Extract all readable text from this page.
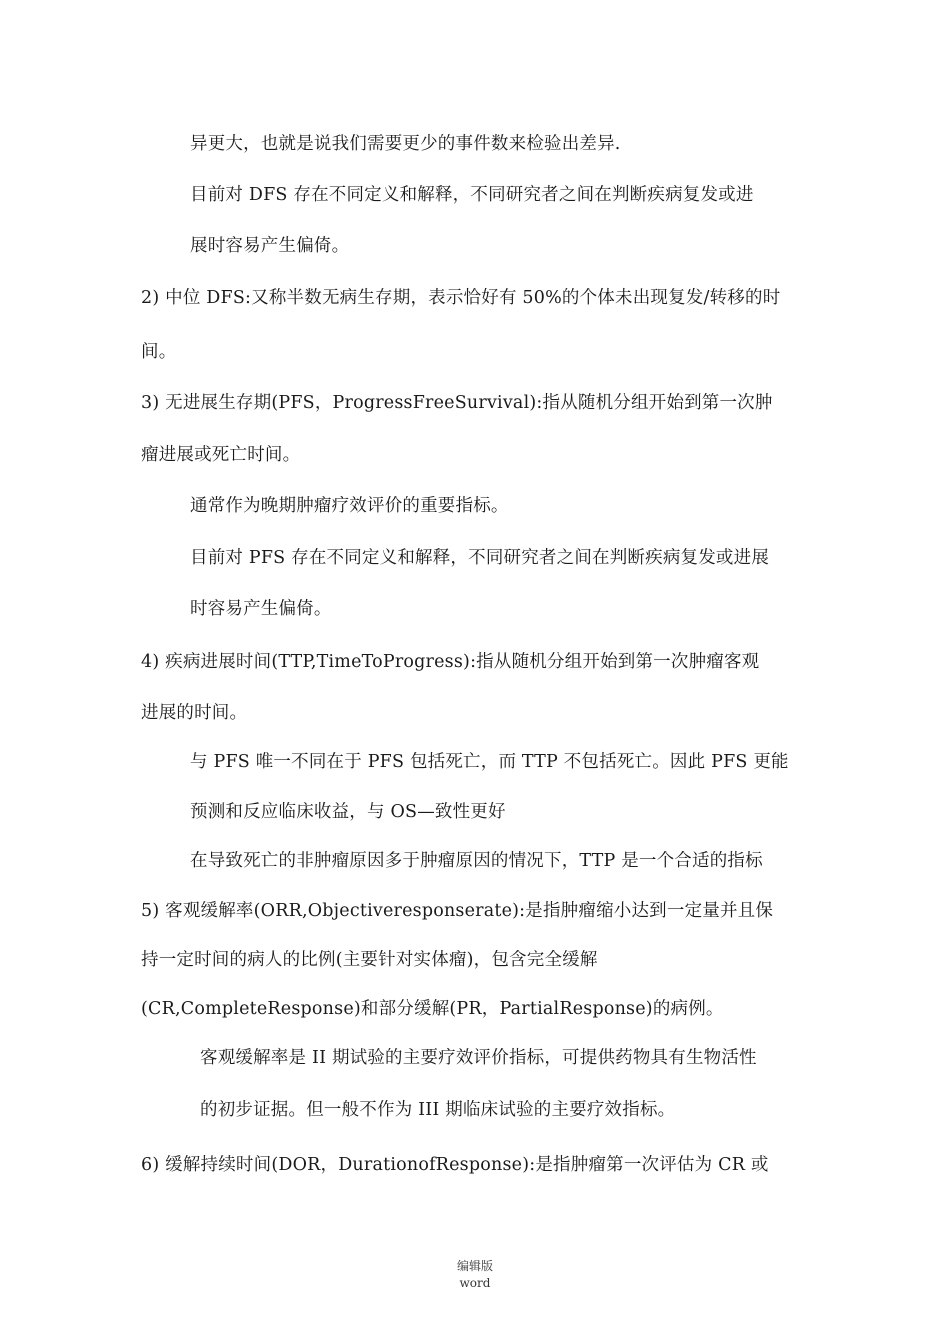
异更大，也就是说我们需要更少的事件数来检验出差异.
目前对 DFS 存在不同定义和解释，不同研究者之间在判断疾病复发或进
展时容易产生偏倚。
2) 中位 DFS:又称半数无病生存期，表示恰好有 50%的个体未出现复发/转移的时
间。
3) 无进展生存期(PFS，ProgressFreeSurvival):指从随机分组开始到第一次肿
瘤进展或死亡时间。
通常作为晚期肿瘤疗效评价的重要指标。
目前对 PFS 存在不同定义和解释，不同研究者之间在判断疾病复发或进展
时容易产生偏倚。
4) 疾病进展时间(TTP,TimeToProgress):指从随机分组开始到第一次肿瘤客观
进展的时间。
与 PFS 唯一不同在于 PFS 包括死亡，而 TTP 不包括死亡。因此 PFS 更能
预测和反应临床收益，与 OS—致性更好
在导致死亡的非肿瘤原因多于肿瘤原因的情况下，TTP 是一个合适的指标
5) 客观缓解率(ORR,Objectiveresponserate):是指肿瘤缩小达到一定量并且保
持一定时间的病人的比例(主要针对实体瘤)，包含完全缓解
(CR,CompleteResponse)和部分缓解(PR，PartialResponse)的病例。
客观缓解率是 II 期试验的主要疗效评价指标，可提供药物具有生物活性
的初步证据。但一般不作为 III 期临床试验的主要疗效指标。
6) 缓解持续时间(DOR，DurationofResponse):是指肿瘤第一次评估为 CR 或
编辑版
word
